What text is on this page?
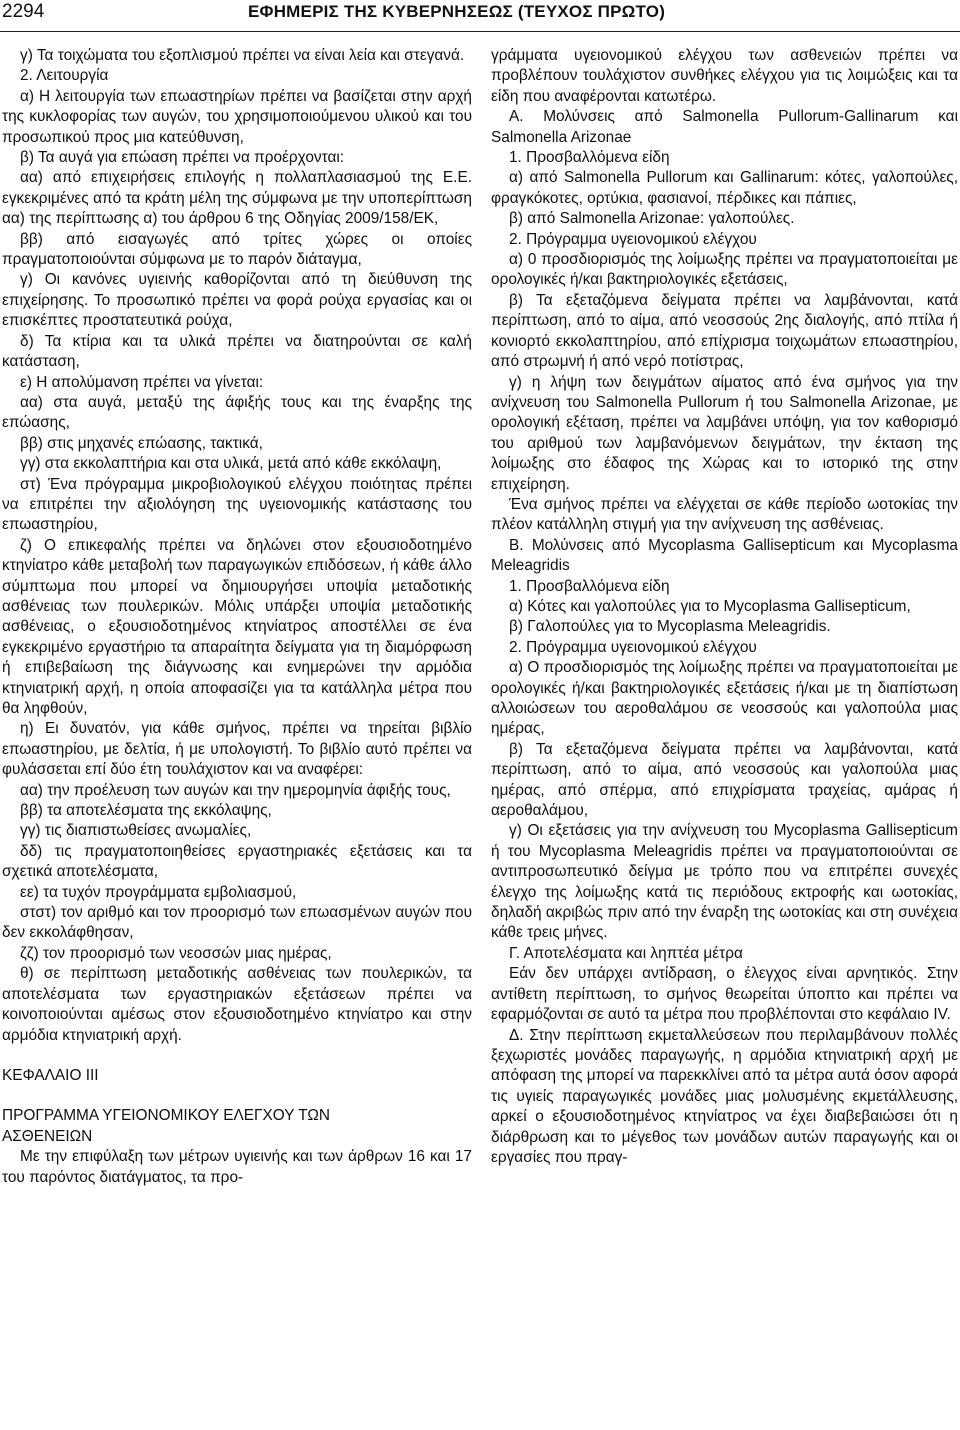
2294	ΕΦΗΜΕΡΙΣ ΤΗΣ ΚΥΒΕΡΝΗΣΕΩΣ (ΤΕΥΧΟΣ ΠΡΩΤΟ)

γ) Τα τοιχώματα του εξοπλισμού πρέπει να είναι λεία και στεγανά.

2. Λειτουργία

α) Η λειτουργία των επωαστηρίων πρέπει να βασίζεται στην αρχή της κυκλοφορίας των αυγών, του χρησιμοποιούμενου υλικού και του προσωπικού προς μια κατεύθυνση,

β) Τα αυγά για επώαση πρέπει να προέρχονται:

αα) από επιχειρήσεις επιλογής η πολλαπλασιασμού της Ε.Ε. εγκεκριμένες από τα κράτη μέλη της σύμφωνα με την υποπερίπτωση αα) της περίπτωσης α) του άρθρου 6 της Οδηγίας 2009/158/ΕΚ,

ββ) από εισαγωγές από τρίτες χώρες οι οποίες πραγματοποιούνται σύμφωνα με το παρόν διάταγμα,

γ) Οι κανόνες υγιεινής καθορίζονται από τη διεύθυνση της επιχείρησης. Το προσωπικό πρέπει να φορά ρούχα εργασίας και οι επισκέπτες προστατευτικά ρούχα,

δ) Τα κτίρια και τα υλικά πρέπει να διατηρούνται σε καλή κατάσταση,

ε) Η απολύμανση πρέπει να γίνεται:

αα) στα αυγά, μεταξύ της άφιξής τους και της έναρξης της επώασης,

ββ) στις μηχανές επώασης, τακτικά,

γγ) στα εκκολαπτήρια και στα υλικά, μετά από κάθε εκκόλαψη,

στ) Ένα πρόγραμμα μικροβιολογικού ελέγχου ποιότητας πρέπει να επιτρέπει την αξιολόγηση της υγειονομικής κατάστασης του επωαστηρίου,

ζ) Ο επικεφαλής πρέπει να δηλώνει στον εξουσιοδοτημένο κτηνίατρο κάθε μεταβολή των παραγωγικών επιδόσεων, ή κάθε άλλο σύμπτωμα που μπορεί να δημιουργήσει υποψία μεταδοτικής ασθένειας των πουλερικών. Μόλις υπάρξει υποψία μεταδοτικής ασθένειας, ο εξουσιοδοτημένος κτηνίατρος αποστέλλει σε ένα εγκεκριμένο εργαστήριο τα απαραίτητα δείγματα για τη διαμόρφωση ή επιβεβαίωση της διάγνωσης και ενημερώνει την αρμόδια κτηνιατρική αρχή, η οποία αποφασίζει για τα κατάλληλα μέτρα που θα ληφθούν,

η) Ει δυνατόν, για κάθε σμήνος, πρέπει να τηρείται βιβλίο επωαστηρίου, με δελτία, ή με υπολογιστή. Το βιβλίο αυτό πρέπει να φυλάσσεται επί δύο έτη τουλάχιστον και να αναφέρει:

αα) την προέλευση των αυγών και την ημερομηνία άφιξής τους,

ββ) τα αποτελέσματα της εκκόλαψης,

γγ) τις διαπιστωθείσες ανωμαλίες,

δδ) τις πραγματοποιηθείσες εργαστηριακές εξετάσεις και τα σχετικά αποτελέσματα,

εε) τα τυχόν προγράμματα εμβολιασμού,

στστ) τον αριθμό και τον προορισμό των επωασμένων αυγών που δεν εκκολάφθησαν,

ζζ) τον προορισμό των νεοσσών μιας ημέρας,

θ) σε περίπτωση μεταδοτικής ασθένειας των πουλερικών, τα αποτελέσματα των εργαστηριακών εξετάσεων πρέπει να κοινοποιούνται αμέσως στον εξουσιοδοτημένο κτηνίατρο και στην αρμόδια κτηνιατρική αρχή.

ΚΕΦΑΛΑΙΟ ΙΙΙ

ΠΡΟΓΡΑΜΜΑ ΥΓΕΙΟΝΟΜΙΚΟΥ ΕΛΕΓΧΟΥ ΤΩΝ

ΑΣΘΕΝΕΙΩΝ

Με την επιφύλαξη των μέτρων υγιεινής και των άρθρων 16 και 17 του παρόντος διατάγματος, τα προ-

γράμματα υγειονομικού ελέγχου των ασθενειών πρέπει να προβλέπουν τουλάχιστον συνθήκες ελέγχου για τις λοιμώξεις και τα είδη που αναφέρονται κατωτέρω.

Α. Μολύνσεις από Salmonella Pullorum-Gallinarum και Salmonella Arizonae

1. Προσβαλλόμενα είδη

α) από Salmonella Pullorum και Gallinarum: κότες, γαλοπούλες, φραγκόκοτες, ορτύκια, φασιανοί, πέρδικες και πάπιες,

β) από Salmonella Arizonae: γαλοπούλες.

2. Πρόγραμμα υγειονομικού ελέγχου

α) 0 προσδιορισμός της λοίμωξης πρέπει να πραγματοποιείται με ορολογικές ή/και βακτηριολογικές εξετάσεις,

β) Τα εξεταζόμενα δείγματα πρέπει να λαμβάνονται, κατά περίπτωση, από το αίμα, από νεοσσούς 2ης διαλογής, από πτίλα ή κονιορτό εκκολαπτηρίου, από επίχρισμα τοιχωμάτων επωαστηρίου, από στρωμνή ή από νερό ποτίστρας,

γ) η λήψη των δειγμάτων αίματος από ένα σμήνος για την ανίχνευση του Salmonella Pullorum ή του Salmonella Arizonae, με ορολογική εξέταση, πρέπει να λαμβάνει υπόψη, για τον καθορισμό του αριθμού των λαμβανόμενων δειγμάτων, την έκταση της λοίμωξης στο έδαφος της Χώρας και το ιστορικό της στην επιχείρηση.

Ένα σμήνος πρέπει να ελέγχεται σε κάθε περίοδο ωοτοκίας την πλέον κατάλληλη στιγμή για την ανίχνευση της ασθένειας.

Β. Μολύνσεις από Mycoplasma Gallisepticum και Mycoplasma Meleagridis

1. Προσβαλλόμενα είδη

α) Κότες και γαλοπούλες για το Mycoplasma Gallisepticum,

β) Γαλοπούλες για το Mycoplasma Meleagridis.

2. Πρόγραμμα υγειονομικού ελέγχου

α) Ο προσδιορισμός της λοίμωξης πρέπει να πραγματοποιείται με ορολογικές ή/και βακτηριολογικές εξετάσεις ή/και με τη διαπίστωση αλλοιώσεων του αεροθαλάμου σε νεοσσούς και γαλοπούλα μιας ημέρας,

β) Τα εξεταζόμενα δείγματα πρέπει να λαμβάνονται, κατά περίπτωση, από το αίμα, από νεοσσούς και γαλοπούλα μιας ημέρας, από σπέρμα, από επιχρίσματα τραχείας, αμάρας ή αεροθαλάμου,

γ) Οι εξετάσεις για την ανίχνευση του Mycoplasma Gallisepticum ή του Mycoplasma Meleagridis πρέπει να πραγματοποιούνται σε αντιπροσωπευτικό δείγμα με τρόπο που να επιτρέπει συνεχές έλεγχο της λοίμωξης κατά τις περιόδους εκτροφής και ωοτοκίας, δηλαδή ακριβώς πριν από την έναρξη της ωοτοκίας και στη συνέχεια κάθε τρεις μήνες.

Γ. Αποτελέσματα και ληπτέα μέτρα

Εάν δεν υπάρχει αντίδραση, ο έλεγχος είναι αρνητικός. Στην αντίθετη περίπτωση, το σμήνος θεωρείται ύποπτο και πρέπει να εφαρμόζονται σε αυτό τα μέτρα που προβλέπονται στο κεφάλαιο IV.

Δ. Στην περίπτωση εκμεταλλεύσεων που περιλαμβάνουν πολλές ξεχωριστές μονάδες παραγωγής, η αρμόδια κτηνιατρική αρχή με απόφαση της μπορεί να παρεκκλίνει από τα μέτρα αυτά όσον αφορά τις υγιείς παραγωγικές μονάδες μιας μολυσμένης εκμετάλλευσης, αρκεί ο εξουσιοδοτημένος κτηνίατρος να έχει διαβεβαιώσει ότι η διάρθρωση και το μέγεθος των μονάδων αυτών παραγωγής και οι εργασίες που πραγ-
